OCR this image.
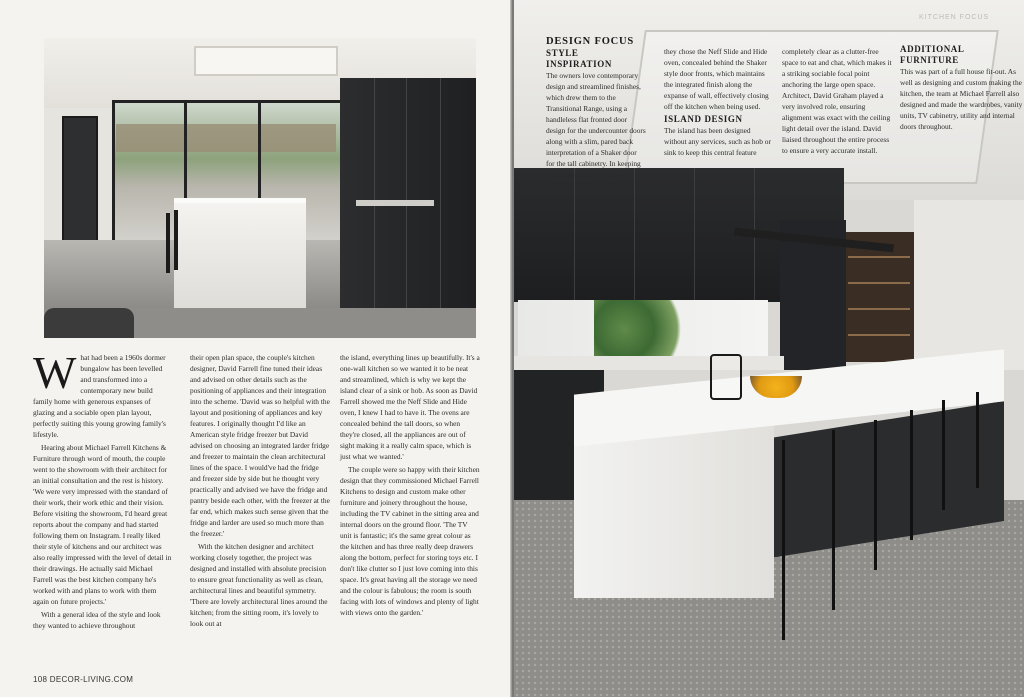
What had been a 1960s dormer bungalow has been levelled and transformed into a contemporary new build family home with generous expanses of glazing and a sociable open plan layout, perfectly suiting this young growing family's lifestyle.

Hearing about Michael Farrell Kitchens & Furniture through word of mouth, the couple went to the showroom with their architect for an initial consultation and the rest is history. 'We were very impressed with the standard of their work, their work ethic and their vision. Before visiting the showroom, I'd heard great reports about the company and had started following them on Instagram. I really liked their style of kitchens and our architect was also really impressed with the level of detail in their drawings. He actually said Michael Farrell was the best kitchen company he's worked with and plans to work with them again on future projects.'

With a general idea of the style and look they wanted to achieve throughout

their open plan space, the couple's kitchen designer, David Farrell fine tuned their ideas and advised on other details such as the positioning of appliances and their integration into the scheme. 'David was so helpful with the layout and positioning of appliances and key features. I originally thought I'd like an American style fridge freezer but David advised on choosing an integrated larder fridge and freezer to maintain the clean architectural lines of the space. I would've had the fridge and freezer side by side but he thought very practically and advised we have the fridge and pantry beside each other, with the freezer at the far end, which makes such sense given that the fridge and larder are used so much more than the freezer.'

With the kitchen designer and architect working closely together, the project was designed and installed with absolute precision to ensure great functionality as well as clean, architectural lines and beautiful symmetry. 'There are lovely architectural lines around the kitchen; from the sitting room, it's lovely to look out at

the island, everything lines up beautifully. It's a one-wall kitchen so we wanted it to be neat and streamlined, which is why we kept the island clear of a sink or hob. As soon as David Farrell showed me the Neff Slide and Hide oven, I knew I had to have it. The ovens are concealed behind the tall doors, so when they're closed, all the appliances are out of sight making it a really calm space, which is just what we wanted.'

The couple were so happy with their kitchen design that they commissioned Michael Farrell Kitchens to design and custom make other furniture and joinery throughout the house, including the TV cabinet in the sitting area and internal doors on the ground floor. 'The TV unit is fantastic; it's the same great colour as the kitchen and has three really deep drawers along the bottom, perfect for storing toys etc. I don't like clutter so I just love coming into this space. It's great having all the storage we need and the colour is fabulous; the room is south facing with lots of windows and plenty of light with views onto the garden.'

108 DECOR-LIVING.COM
KITCHEN FOCUS
DESIGN FOCUS
STYLE INSPIRATION

The owners love contemporary design and streamlined finishes, which drew them to the Transitional Range, using a handleless flat fronted door design for the undercounter doors along with a slim, pared back interpretation of a Shaker door for the tall cabinetry. In keeping with these desired clutter-free aesthetic,

they chose the Neff Slide and Hide oven, concealed behind the Shaker style door fronts, which maintains the integrated finish along the expanse of wall, effectively closing off the kitchen when being used.

ISLAND DESIGN

The island has been designed without any services, such as hob or sink to keep this central feature

completely clear as a clutter-free space to eat and chat, which makes it a striking sociable focal point anchoring the large open space. Architect, David Graham played a very involved role, ensuring alignment was exact with the ceiling light detail over the island. David liaised throughout the entire process to ensure a very accurate install.

ADDITIONAL FURNITURE

This was part of a full house fit-out. As well as designing and custom making the kitchen, the team at Michael Farrell also designed and made the wardrobes, vanity units, TV cabinetry, utility and internal doors throughout.
